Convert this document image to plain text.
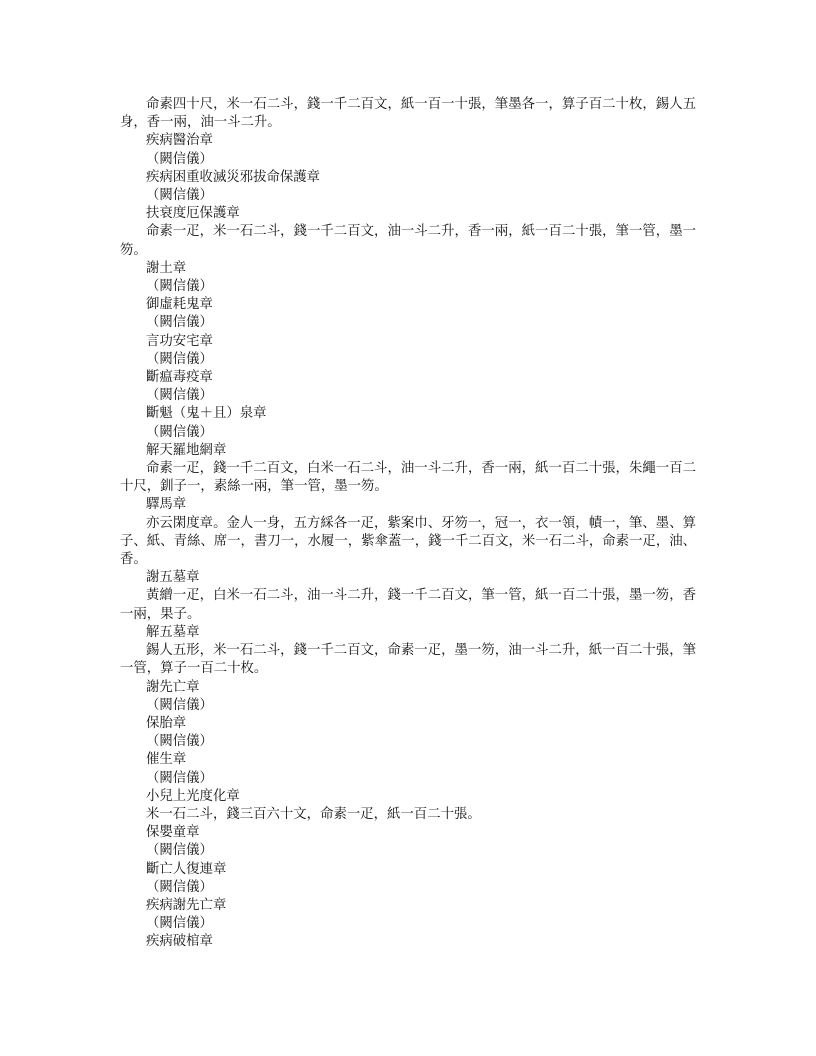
命素四十尺，米一石二斗，錢一千二百文，紙一百一十張，筆墨各一，算子百二十枚，錫人五身，香一兩，油一斗二升。

疾病醫治章

（闕信儀）

疾病困重收滅災邪拔命保護章

（闕信儀）

扶衰度厄保護章

命素一疋，米一石二斗，錢一千二百文，油一斗二升，香一兩，紙一百二十張，筆一管，墨一笏。

謝土章

（闕信儀）

御虛耗鬼章

（闕信儀）

言功安宅章

（闕信儀）

斷瘟毒疫章

（闕信儀）

斷魁（鬼＋且）泉章

（闕信儀）

解天羅地網章

命素一疋，錢一千二百文，白米一石二斗，油一斗二升，香一兩，紙一百二十張，朱繩一百二十尺，釧子一，素絲一兩，筆一管，墨一笏。

驛馬章

亦云閑度章。金人一身，五方綵各一疋，紫案巾、牙笏一，冠一，衣一領，幘一，筆、墨、算子、紙、青絲、席一，書刀一，水履一，紫傘蓋一，錢一千二百文，米一石二斗，命素一疋，油、香。

謝五墓章

黃繒一疋，白米一石二斗，油一斗二升，錢一千二百文，筆一管，紙一百二十張，墨一笏，香一兩，果子。

解五墓章

錫人五形，米一石二斗，錢一千二百文，命素一疋，墨一笏，油一斗二升，紙一百二十張，筆一管，算子一百二十枚。

謝先亡章

（闕信儀）

保胎章

（闕信儀）

催生章

（闕信儀）

小兒上光度化章

米一石二斗，錢三百六十文，命素一疋，紙一百二十張。

保嬰童章

（闕信儀）

斷亡人復連章

（闕信儀）

疾病謝先亡章

（闕信儀）

疾病破棺章
